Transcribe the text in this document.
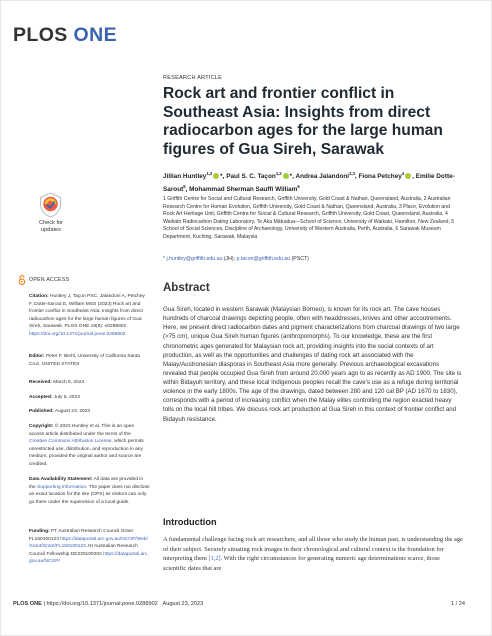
PLOS ONE
RESEARCH ARTICLE
Rock art and frontier conflict in Southeast Asia: Insights from direct radiocarbon ages for the large human figures of Gua Sireh, Sarawak
Jillian Huntley$^{1,2}$ *, Paul S. C. Taçon$^{1,2}$ *, Andrea Jalandoni$^{2,3}$, Fiona Petchey$^4$ , Emilie Dotte-Sarout$^5$, Mohammad Sherman Sauffi William$^6$
1 Griffith Centre for Social and Cultural Research, Griffith University, Gold Coast & Nathan, Queensland, Australia, 2 Australian Research Centre for Human Evolution, Griffith University, Gold Coast & Nathan, Queensland, Australia, 3 Place, Evolution and Rock Art Heritage Unit, Griffith Centre for Social & Cultural Research, Griffith University, Gold Coast, Queensland, Australia, 4 Waikato Radiocarbon Dating Laboratory, Te Aka Mātuatua—School of Science, University of Waikato, Hamilton, New Zealand, 5 School of Social Sciences, Discipline of Archaeology, University of Western Australia, Perth, Australia, 6 Sarawak Museum Department, Kuching, Sarawak, Malaysia
* j.huntley@griffith.edu.au (JH); p.tacon@griffith.edu.au (PSCT)
Abstract

Gua Sireh, located in western Sarawak (Malaysian Borneo), is known for its rock art. The cave houses hundreds of charcoal drawings depicting people, often with headdresses, knives and other accoutrements. Here, we present direct radiocarbon dates and pigment characterizations from charcoal drawings of two large (>75 cm), unique Gua Sireh human figures (anthropomorphs). To our knowledge, these are the first chronometric ages generated for Malaysian rock art, providing insights into the social contexts of art production, as well as the opportunities and challenges of dating rock art associated with the Malay/Austronesian diasporas in Southeast Asia more generally. Previous archaeological excavations revealed that people occupied Gua Sireh from around 20,000 years ago to as recently as AD 1900. The site is within Bidayuh territory, and these local Indigenous peoples recall the cave’s use as a refuge during territorial violence in the early 1800s. The age of the drawings, dated between 280 and 120 cal BP (AD 1670 to 1830), corresponds with a period of increasing conflict when the Malay elites controlling the region exacted heavy tolls on the local hill tribes. We discuss rock art production at Gua Sireh in this context of frontier conflict and Bidayuh resistance.

Introduction

A fundamental challenge facing rock art researchers, and all those who study the human past, is understanding the age of their subject. Securely situating rock images in their chronological and cultural context is the foundation for interpreting them [1,2]. With the right circumstances for generating numeric age determinations scarce, those scientific dates that are

Check for updates
OPEN ACCESS
Citation: Huntley J, Taçon PSC, Jalandoni A, Petchey F, Dotte-Sarout E, William MSS (2023) Rock art and frontier conflict in Southeast Asia: Insights from direct radiocarbon ages for the large human figures of Gua Sireh, Sarawak. PLOS ONE 18(8): e0288902. https://doi.org/10.1371/journal.pone.0288902
Editor: Peter F. Biehl, University of California Santa Cruz, UNITED STATES
Received: March 5, 2023
Accepted: July 5, 2023
Published: August 23, 2023
Copyright: © 2023 Huntley et al. This is an open access article distributed under the terms of the Creative Commons Attribution License, which permits unrestricted use, distribution, and reproduction in any medium, provided the original author and source are credited.
Data Availability Statement: All data are provided in the Supporting Information. The paper does not disclose an exact location for the site (GPS) as visitors can only go there under the supervision of a local guide.
Funding: PT Australian Research Council Grant FL160100123 https://dataportal.arc.gov.au/NCGP/Web/Grant/Grant/FL160100123 JH Australian Research Council Fellowship DE230100202 https://dataportal.arc.gov.au/NCGP/
PLOS ONE | https://doi.org/10.1371/journal.pone.0288902 August 23, 2023	1 / 24
